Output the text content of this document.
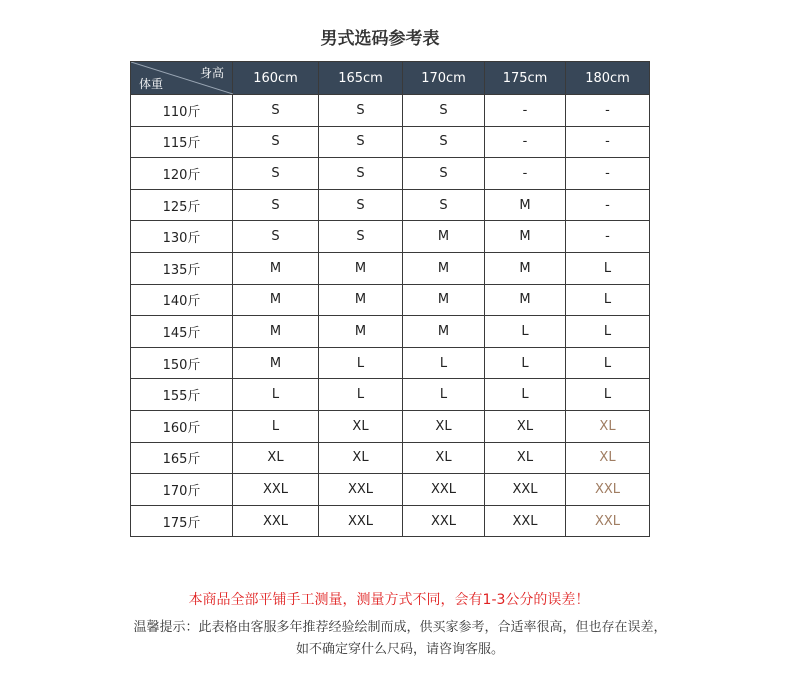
男式选码参考表
身高
体重	160cm	165cm	170cm	175cm	180cm
110斤	S	S	S	-	-
115斤	S	S	S	-	-
120斤	S	S	S	-	-
125斤	S	S	S	M	-
130斤	S	S	M	M	-
135斤	M	M	M	M	L
140斤	M	M	M	M	L
145斤	M	M	M	L	L
150斤	M	L	L	L	L
155斤	L	L	L	L	L
160斤	L	XL	XL	XL	XL
165斤	XL	XL	XL	XL	XL
170斤	XXL	XXL	XXL	XXL	XXL
175斤	XXL	XXL	XXL	XXL	XXL
本商品全部平铺手工测量，测量方式不同，会有1-3公分的误差！
温馨提示：此表格由客服多年推荐经验绘制而成，供买家参考，合适率很高，但也存在误差，
如不确定穿什么尺码，请咨询客服。
